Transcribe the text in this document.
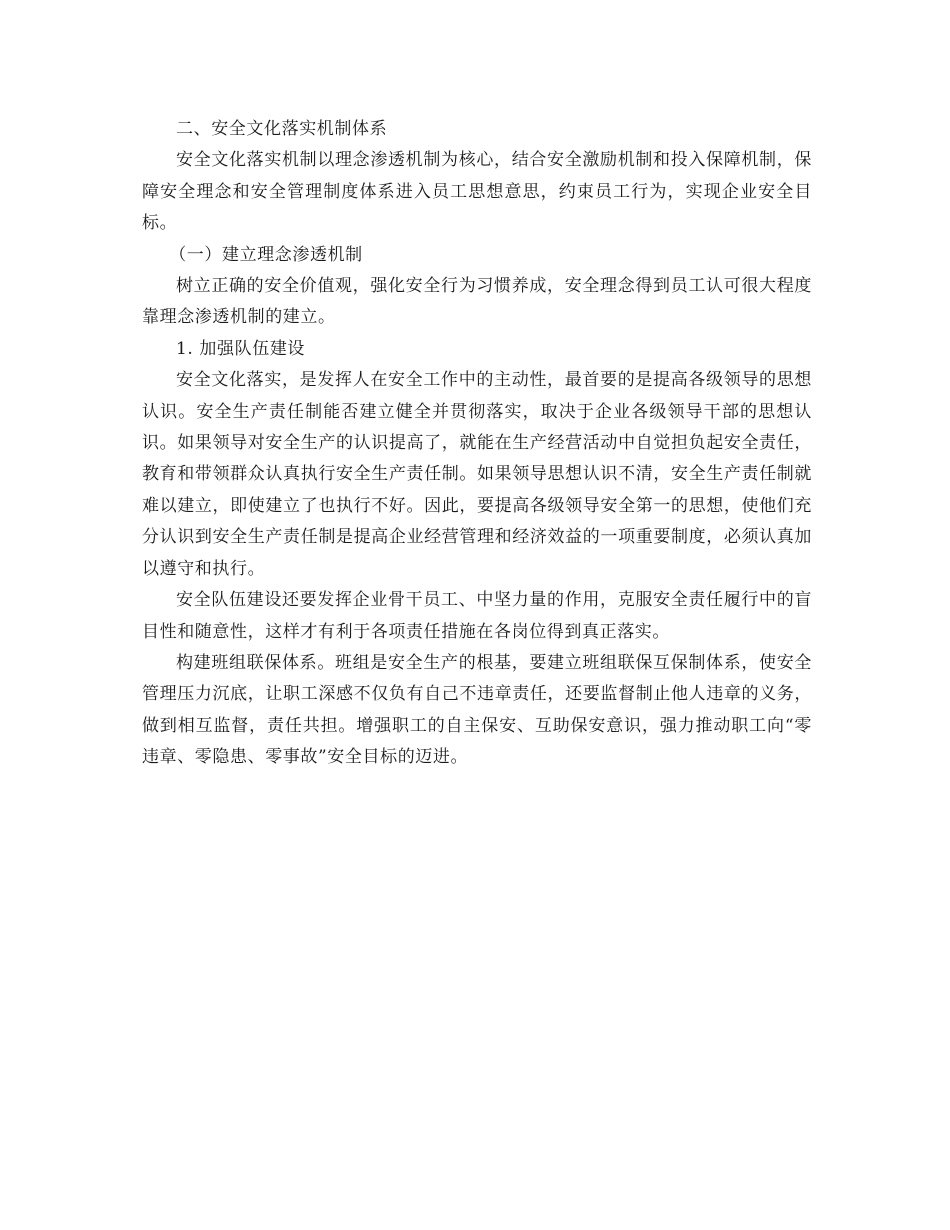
二、安全文化落实机制体系

安全文化落实机制以理念渗透机制为核心，结合安全激励机制和投入保障机制，保障安全理念和安全管理制度体系进入员工思想意思，约束员工行为，实现企业安全目标。

（一）建立理念渗透机制

树立正确的安全价值观，强化安全行为习惯养成，安全理念得到员工认可很大程度靠理念渗透机制的建立。

1. 加强队伍建设

安全文化落实，是发挥人在安全工作中的主动性，最首要的是提高各级领导的思想认识。安全生产责任制能否建立健全并贯彻落实，取决于企业各级领导干部的思想认识。如果领导对安全生产的认识提高了，就能在生产经营活动中自觉担负起安全责任，教育和带领群众认真执行安全生产责任制。如果领导思想认识不清，安全生产责任制就难以建立，即使建立了也执行不好。因此，要提高各级领导安全第一的思想，使他们充分认识到安全生产责任制是提高企业经营管理和经济效益的一项重要制度，必须认真加以遵守和执行。

安全队伍建设还要发挥企业骨干员工、中坚力量的作用，克服安全责任履行中的盲目性和随意性，这样才有利于各项责任措施在各岗位得到真正落实。

构建班组联保体系。班组是安全生产的根基，要建立班组联保互保制体系，使安全管理压力沉底，让职工深感不仅负有自己不违章责任，还要监督制止他人违章的义务，做到相互监督，责任共担。增强职工的自主保安、互助保安意识，强力推动职工向“零违章、零隐患、零事故”安全目标的迈进。
